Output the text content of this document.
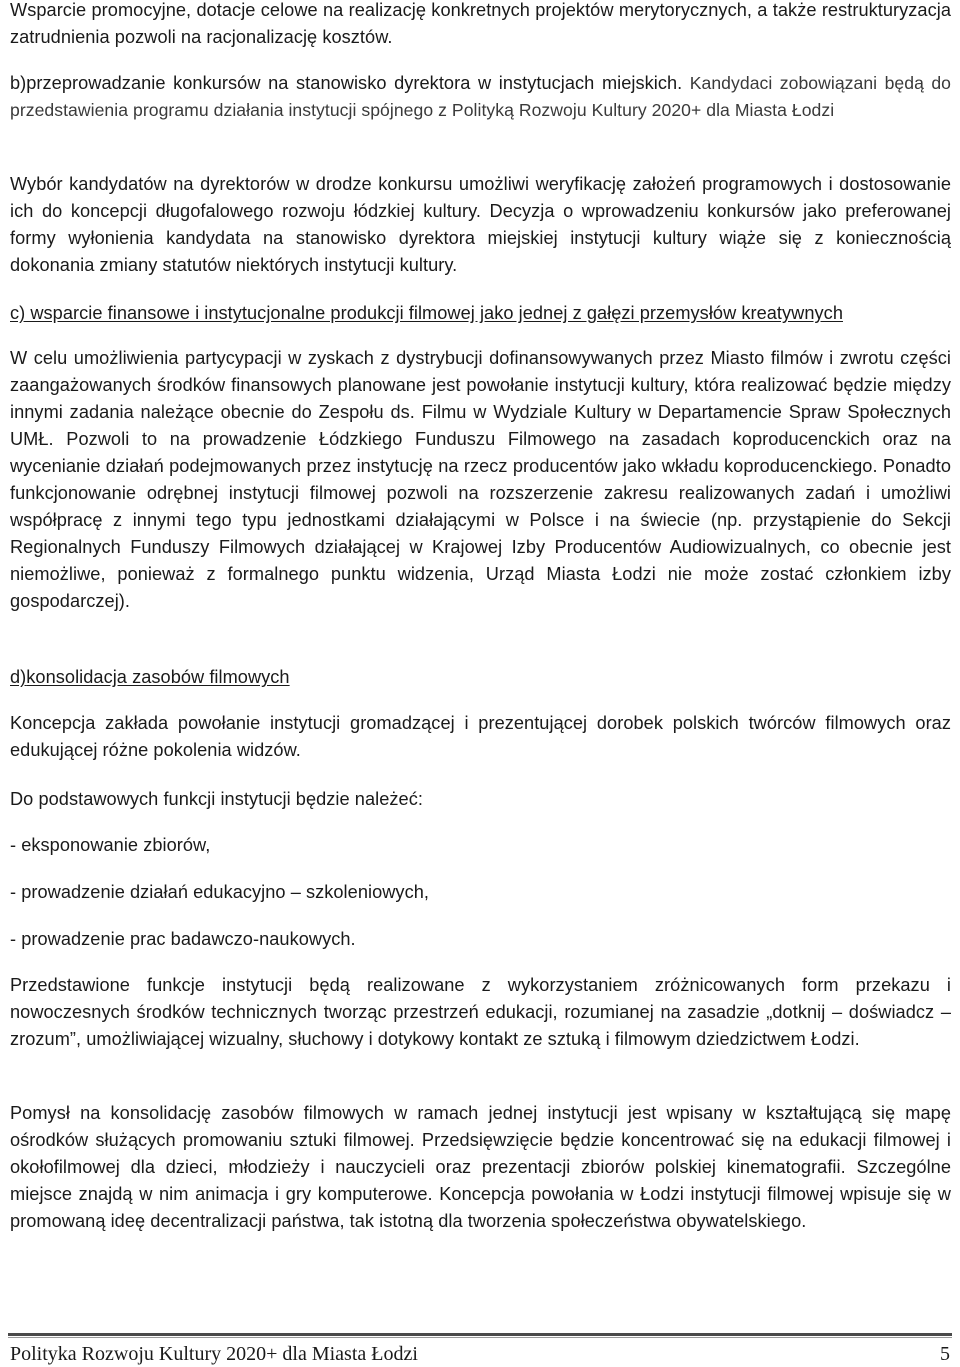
Wsparcie promocyjne, dotacje celowe na realizację konkretnych projektów merytorycznych, a także restrukturyzacja zatrudnienia pozwoli na racjonalizację kosztów.

b)przeprowadzanie konkursów na stanowisko dyrektora w instytucjach miejskich. Kandydaci zobowiązani będą do przedstawienia programu działania instytucji spójnego z Polityką Rozwoju Kultury 2020+ dla Miasta Łodzi

Wybór kandydatów na dyrektorów w drodze konkursu umożliwi weryfikację założeń programowych i dostosowanie ich do koncepcji długofalowego rozwoju łódzkiej kultury. Decyzja o wprowadzeniu konkursów jako preferowanej formy wyłonienia kandydata na stanowisko dyrektora miejskiej instytucji kultury wiąże się z koniecznością dokonania zmiany statutów niektórych instytucji kultury.

c) wsparcie finansowe i instytucjonalne produkcji filmowej jako jednej z gałęzi przemysłów kreatywnych

W celu umożliwienia partycypacji w zyskach z dystrybucji dofinansowywanych przez Miasto filmów i zwrotu części zaangażowanych środków finansowych planowane jest powołanie instytucji kultury, która realizować będzie między innymi zadania należące obecnie do Zespołu ds. Filmu w Wydziale Kultury w Departamencie Spraw Społecznych UMŁ. Pozwoli to na prowadzenie Łódzkiego Funduszu Filmowego na zasadach koproducenckich oraz na wycenianie działań podejmowanych przez instytucję na rzecz producentów jako wkładu koproducenckiego. Ponadto funkcjonowanie odrębnej instytucji filmowej pozwoli na rozszerzenie zakresu realizowanych zadań i umożliwi współpracę z innymi tego typu jednostkami działającymi w Polsce i na świecie (np. przystąpienie do Sekcji Regionalnych Funduszy Filmowych działającej w Krajowej Izby Producentów Audiowizualnych, co obecnie jest niemożliwe, ponieważ z formalnego punktu widzenia, Urząd Miasta Łodzi nie może zostać członkiem izby gospodarczej).

d)konsolidacja zasobów filmowych

Koncepcja zakłada powołanie instytucji gromadzącej i prezentującej dorobek polskich twórców filmowych oraz edukującej różne pokolenia widzów.

Do podstawowych funkcji instytucji będzie należeć:

- eksponowanie zbiorów,

- prowadzenie działań edukacyjno – szkoleniowych,

- prowadzenie prac badawczo-naukowych.

Przedstawione funkcje instytucji będą realizowane z wykorzystaniem zróżnicowanych form przekazu i nowoczesnych środków technicznych tworząc przestrzeń edukacji, rozumianej na zasadzie „dotknij – doświadcz – zrozum”, umożliwiającej wizualny, słuchowy i dotykowy kontakt ze sztuką i filmowym dziedzictwem Łodzi.

Pomysł na konsolidację zasobów filmowych w ramach jednej instytucji jest wpisany w kształtującą się mapę ośrodków służących promowaniu sztuki filmowej. Przedsięwzięcie będzie koncentrować się na edukacji filmowej i okołofilmowej dla dzieci, młodzieży i nauczycieli oraz prezentacji zbiorów polskiej kinematografii. Szczególne miejsce znajdą w nim animacja i gry komputerowe. Koncepcja powołania w Łodzi instytucji filmowej wpisuje się w promowaną ideę decentralizacji państwa, tak istotną dla tworzenia społeczeństwa obywatelskiego.

Polityka Rozwoju Kultury 2020+ dla Miasta Łodzi	5
